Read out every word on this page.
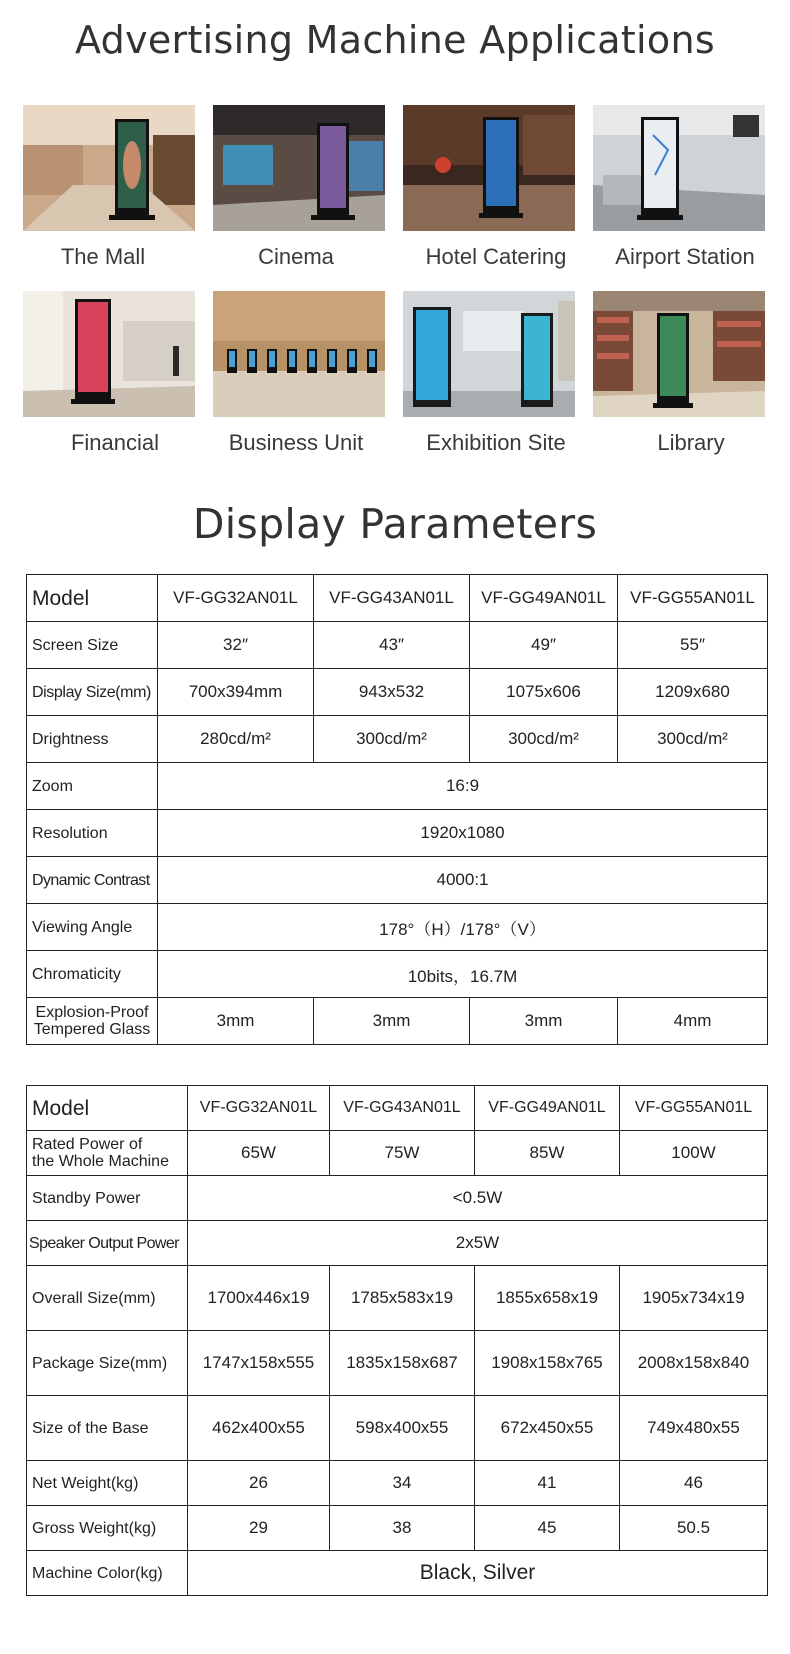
Advertising Machine Applications
The Mall	Cinema	Hotel Catering	Airport Station
Financial	Business Unit	Exhibition Site	Library
Display Parameters
Model	VF-GG32AN01L	VF-GG43AN01L	VF-GG49AN01L	VF-GG55AN01L
Screen Size	32″	43″	49″	55″
Display Size(mm)	700x394mm	943x532	1075x606	1209x680
Drightness	280cd/m²	300cd/m²	300cd/m²	300cd/m²
Zoom	16:9			
Resolution	1920x1080			
Dynamic Contrast	4000:1			
Viewing Angle	178°（H）/178°（V）			
Chromaticity	10bits，16.7M			
Explosion-Proof
Tempered Glass	3mm	3mm	3mm	4mm
Model	VF-GG32AN01L	VF-GG43AN01L	VF-GG49AN01L	VF-GG55AN01L
Rated Power of
the Whole Machine	65W	75W	85W	100W
Standby Power	<0.5W			
Speaker Output Power	2x5W			
Overall Size(mm)	1700x446x19	1785x583x19	1855x658x19	1905x734x19
Package Size(mm)	1747x158x555	1835x158x687	1908x158x765	2008x158x840
Size of the Base	462x400x55	598x400x55	672x450x55	749x480x55
Net Weight(kg)	26	34	41	46
Gross Weight(kg)	29	38	45	50.5
Machine Color(kg)	Black, Silver			
